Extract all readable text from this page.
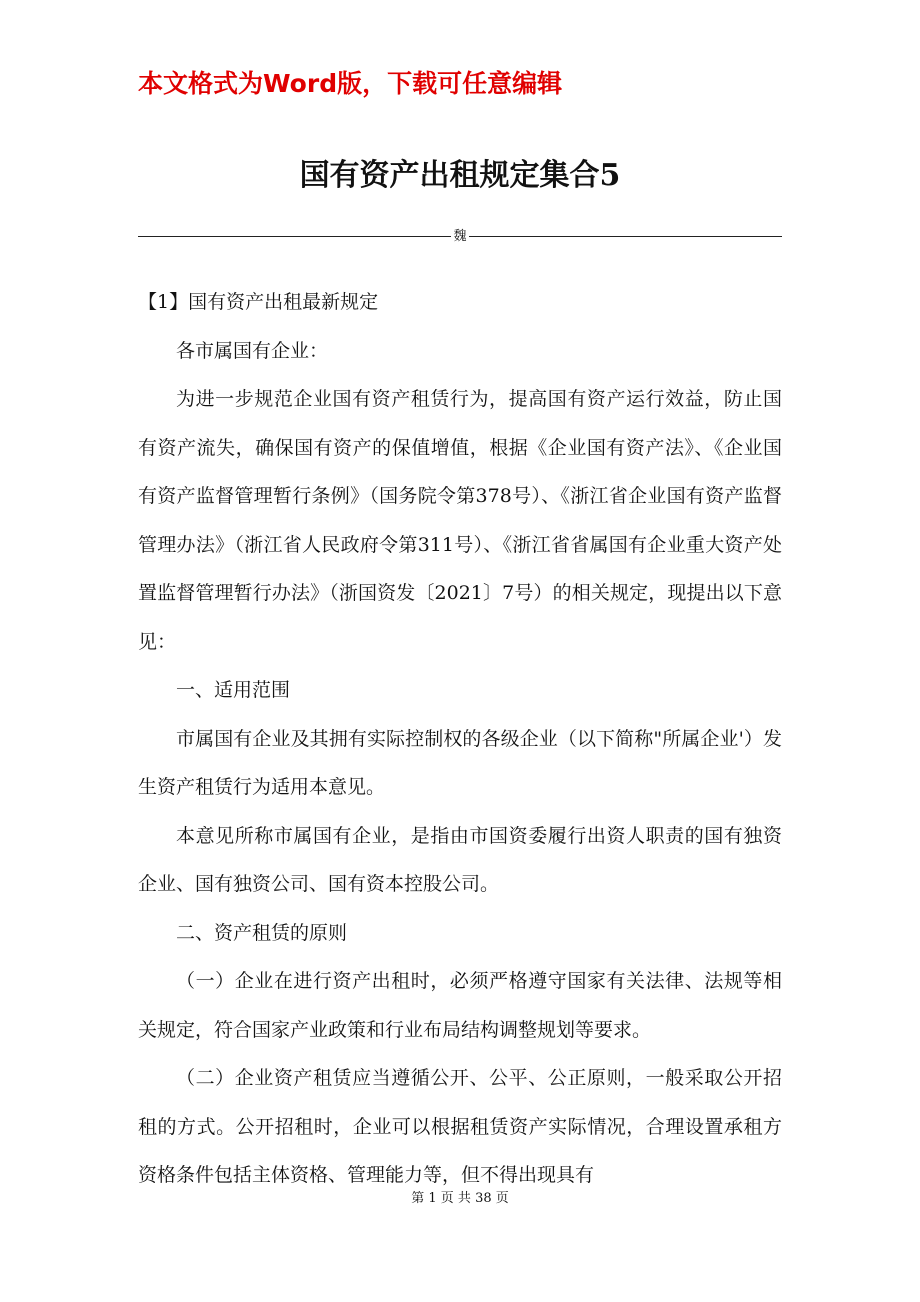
本文格式为Word版，下载可任意编辑
国有资产出租规定集合5
魏

【1】国有资产出租最新规定

各市属国有企业：

为进一步规范企业国有资产租赁行为，提高国有资产运行效益，防止国有资产流失，确保国有资产的保值增值，根据《企业国有资产法》、《企业国有资产监督管理暂行条例》（国务院令第378号）、《浙江省企业国有资产监督管理办法》（浙江省人民政府令第311号）、《浙江省省属国有企业重大资产处置监督管理暂行办法》（浙国资发〔2021〕7号）的相关规定，现提出以下意见：

一、适用范围

市属国有企业及其拥有实际控制权的各级企业（以下简称"所属企业'）发生资产租赁行为适用本意见。

本意见所称市属国有企业，是指由市国资委履行出资人职责的国有独资企业、国有独资公司、国有资本控股公司。

二、资产租赁的原则

（一）企业在进行资产出租时，必须严格遵守国家有关法律、法规等相关规定，符合国家产业政策和行业布局结构调整规划等要求。

（二）企业资产租赁应当遵循公开、公平、公正原则，一般采取公开招租的方式。公开招租时，企业可以根据租赁资产实际情况，合理设置承租方资格条件包括主体资格、管理能力等，但不得出现具有

第 1 页 共 38 页
